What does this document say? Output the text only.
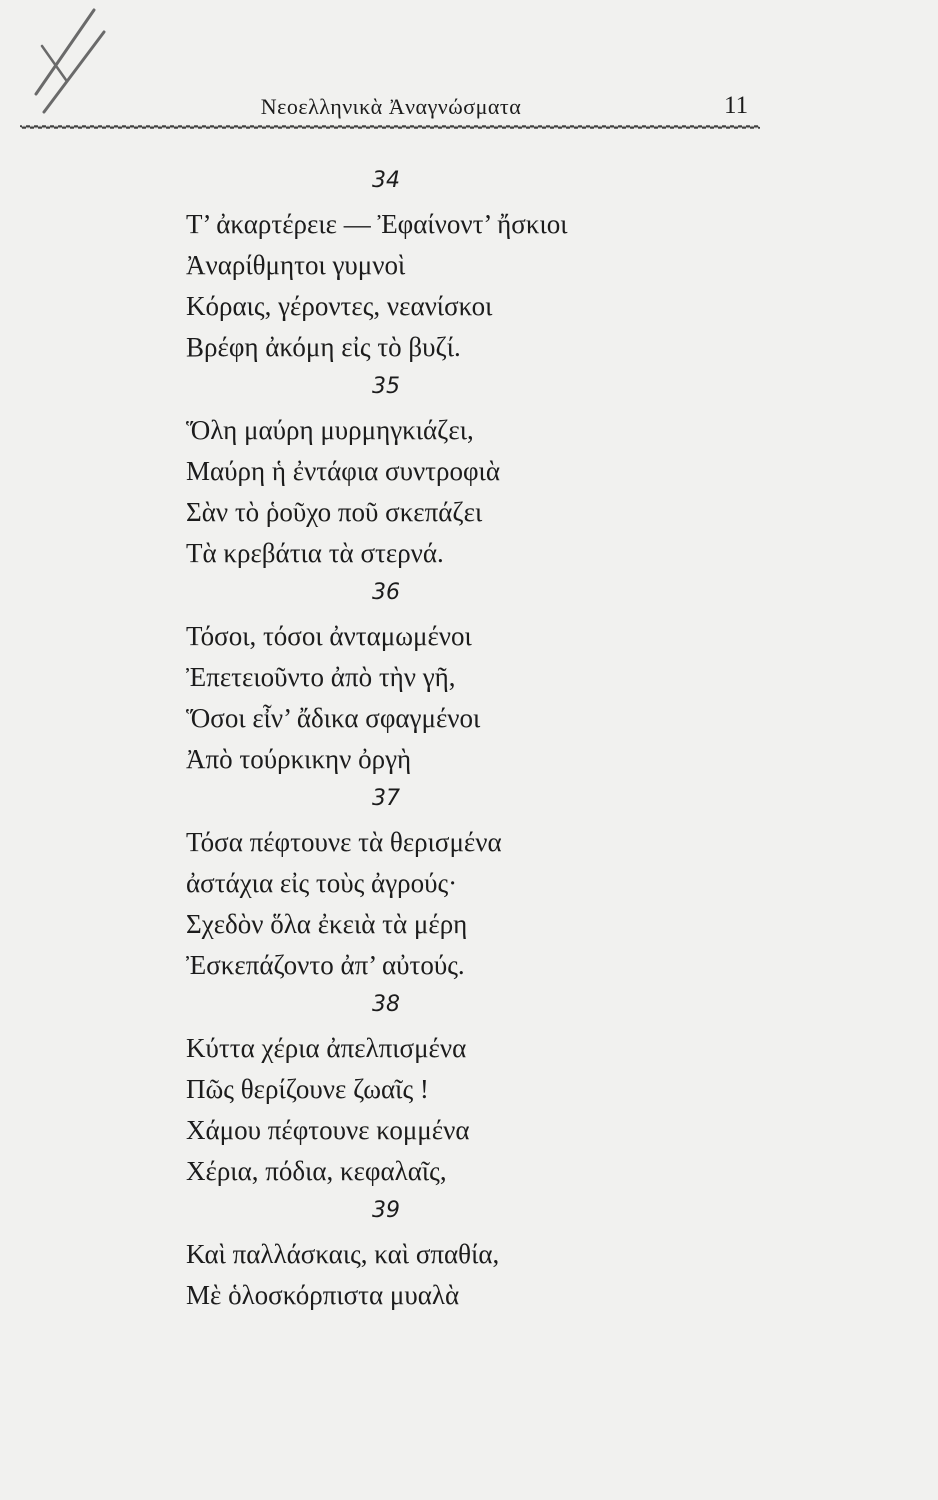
Νεοελληνικὰ Ἀναγνώσματα	11
34
Τ’ ἀκαρτέρειε — Ἐφαίνοντ’ ἤσκιοι
Ἀναρίθμητοι γυμνοὶ
Κόραις, γέροντες, νεανίσκοι
Βρέφη ἀκόμη εἰς τὸ βυζί.
35
Ὅλη μαύρη μυρμηγκιάζει,
Μαύρη ἡ ἐντάφια συντροφιὰ
Σὰν τὸ ῥοῦχο ποῦ σκεπάζει
Τὰ κρεβάτια τὰ στερνά.
36
Τόσοι, τόσοι ἀνταμωμένοι
Ἐπετειοῦντο ἀπὸ τὴν γῆ,
Ὅσοι εἶν’ ἄδικα σφαγμένοι
Ἀπὸ τούρκικην ὀργὴ
37
Τόσα πέφτουνε τὰ θερισμένα
ἀστάχια εἰς τοὺς ἀγρούς·
Σχεδὸν ὅλα ἐκειὰ τὰ μέρη
Ἐσκεπάζοντο ἀπ’ αὐτούς.
38
Κύττα χέρια ἀπελπισμένα
Πῶς θερίζουνε ζωαῖς !
Χάμου πέφτουνε κομμένα
Χέρια, πόδια, κεφαλαῖς,
39
Καὶ παλλάσκαις, καὶ σπαθία,
Μὲ ὁλοσκόρπιστα μυαλὰ
